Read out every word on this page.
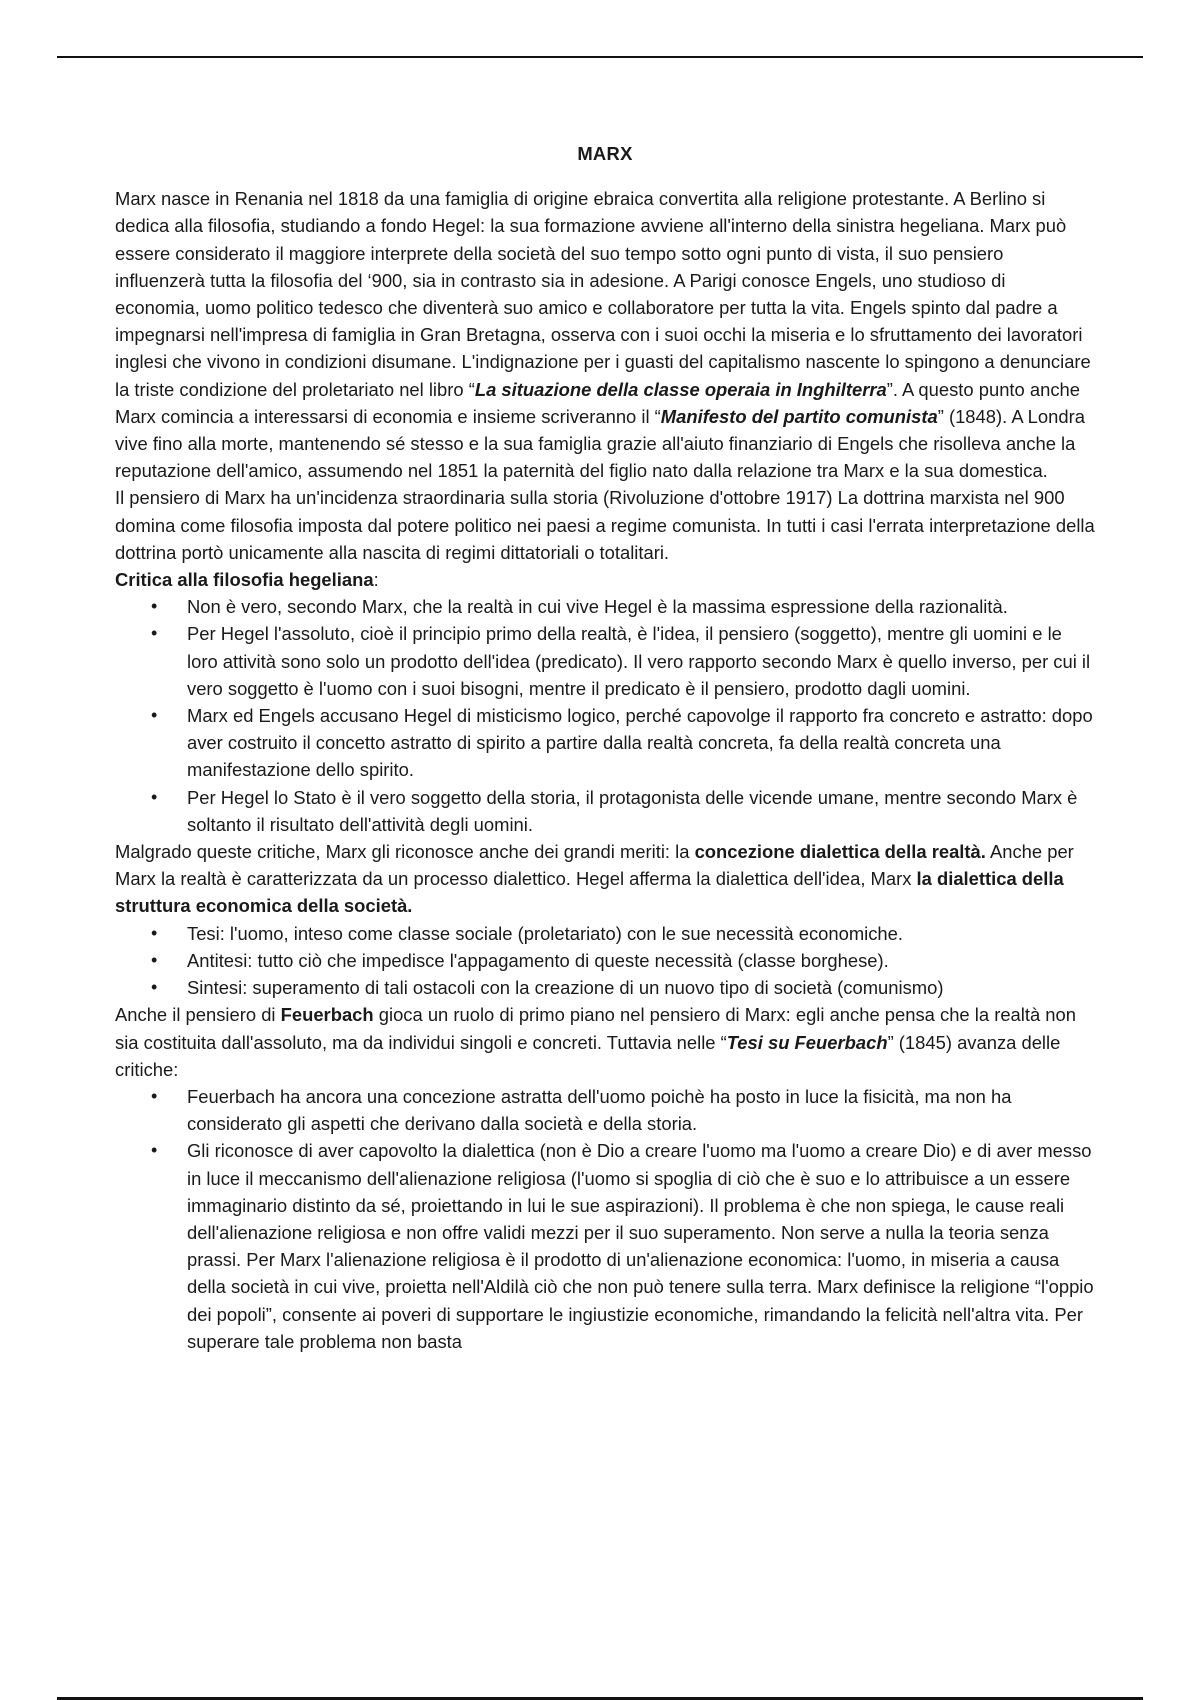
MARX

Marx nasce in Renania nel 1818 da una famiglia di origine ebraica convertita alla religione protestante. A Berlino si dedica alla filosofia, studiando a fondo Hegel: la sua formazione avviene all'interno della sinistra hegeliana. Marx può essere considerato il maggiore interprete della società del suo tempo sotto ogni punto di vista, il suo pensiero influenzerà tutta la filosofia del ‘900, sia in contrasto sia in adesione. A Parigi conosce Engels, uno studioso di economia, uomo politico tedesco che diventerà suo amico e collaboratore per tutta la vita. Engels spinto dal padre a impegnarsi nell'impresa di famiglia in Gran Bretagna, osserva con i suoi occhi la miseria e lo sfruttamento dei lavoratori inglesi che vivono in condizioni disumane. L'indignazione per i guasti del capitalismo nascente lo spingono a denunciare la triste condizione del proletariato nel libro “La situazione della classe operaia in Inghilterra”. A questo punto anche Marx comincia a interessarsi di economia e insieme scriveranno il “Manifesto del partito comunista” (1848). A Londra vive fino alla morte, mantenendo sé stesso e la sua famiglia grazie all'aiuto finanziario di Engels che risolleva anche la reputazione dell'amico, assumendo nel 1851 la paternità del figlio nato dalla relazione tra Marx e la sua domestica.

Il pensiero di Marx ha un'incidenza straordinaria sulla storia (Rivoluzione d'ottobre 1917) La dottrina marxista nel 900 domina come filosofia imposta dal potere politico nei paesi a regime comunista. In tutti i casi l'errata interpretazione della dottrina portò unicamente alla nascita di regimi dittatoriali o totalitari.

Critica alla filosofia hegeliana:

• Non è vero, secondo Marx, che la realtà in cui vive Hegel è la massima espressione della razionalità.
• Per Hegel l'assoluto, cioè il principio primo della realtà, è l'idea, il pensiero (soggetto), mentre gli uomini e le loro attività sono solo un prodotto dell'idea (predicato). Il vero rapporto secondo Marx è quello inverso, per cui il vero soggetto è l'uomo con i suoi bisogni, mentre il predicato è il pensiero, prodotto dagli uomini.
• Marx ed Engels accusano Hegel di misticismo logico, perché capovolge il rapporto fra concreto e astratto: dopo aver costruito il concetto astratto di spirito a partire dalla realtà concreta, fa della realtà concreta una manifestazione dello spirito.
• Per Hegel lo Stato è il vero soggetto della storia, il protagonista delle vicende umane, mentre secondo Marx è soltanto il risultato dell'attività degli uomini.

Malgrado queste critiche, Marx gli riconosce anche dei grandi meriti: la concezione dialettica della realtà. Anche per Marx la realtà è caratterizzata da un processo dialettico. Hegel afferma la dialettica dell'idea, Marx la dialettica della struttura economica della società.

• Tesi: l'uomo, inteso come classe sociale (proletariato) con le sue necessità economiche.
• Antitesi: tutto ciò che impedisce l'appagamento di queste necessità (classe borghese).
• Sintesi: superamento di tali ostacoli con la creazione di un nuovo tipo di società (comunismo)

Anche il pensiero di Feuerbach gioca un ruolo di primo piano nel pensiero di Marx: egli anche pensa che la realtà non sia costituita dall'assoluto, ma da individui singoli e concreti. Tuttavia nelle “Tesi su Feuerbach” (1845) avanza delle critiche:

• Feuerbach ha ancora una concezione astratta dell'uomo poichè ha posto in luce la fisicità, ma non ha considerato gli aspetti che derivano dalla società e della storia.
• Gli riconosce di aver capovolto la dialettica (non è Dio a creare l'uomo ma l'uomo a creare Dio) e di aver messo in luce il meccanismo dell'alienazione religiosa (l'uomo si spoglia di ciò che è suo e lo attribuisce a un essere immaginario distinto da sé, proiettando in lui le sue aspirazioni). Il problema è che non spiega, le cause reali dell'alienazione religiosa e non offre validi mezzi per il suo superamento. Non serve a nulla la teoria senza prassi. Per Marx l'alienazione religiosa è il prodotto di un'alienazione economica: l'uomo, in miseria a causa della società in cui vive, proietta nell'Aldilà ciò che non può tenere sulla terra. Marx definisce la religione “l'oppio dei popoli”, consente ai poveri di supportare le ingiustizie economiche, rimandando la felicità nell'altra vita. Per superare tale problema non basta
